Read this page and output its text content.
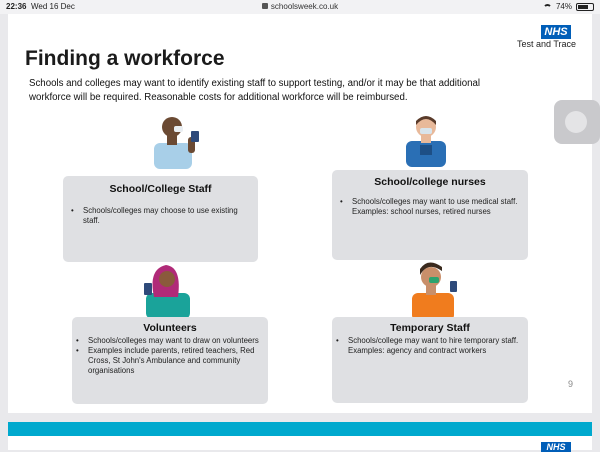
22:36 Wed 16 Dec	schoolsweek.co.uk	74%
NHS
Test and Trace
Finding a workforce
Schools and colleges may want to identify existing staff to support testing, and/or it may be that additional workforce will be required. Reasonable costs for additional workforce will be reimbursed.
School/College Staff
• Schools/colleges may choose to use existing staff.
School/college nurses
• Schools/colleges may want to use medical staff. Examples: school nurses, retired nurses
Volunteers
• Schools/colleges may want to draw on volunteers
• Examples include parents, retired teachers, Red Cross, St John's Ambulance and community organisations
Temporary Staff
• Schools/college may want to hire temporary staff. Examples: agency and contract workers
9
NHS
